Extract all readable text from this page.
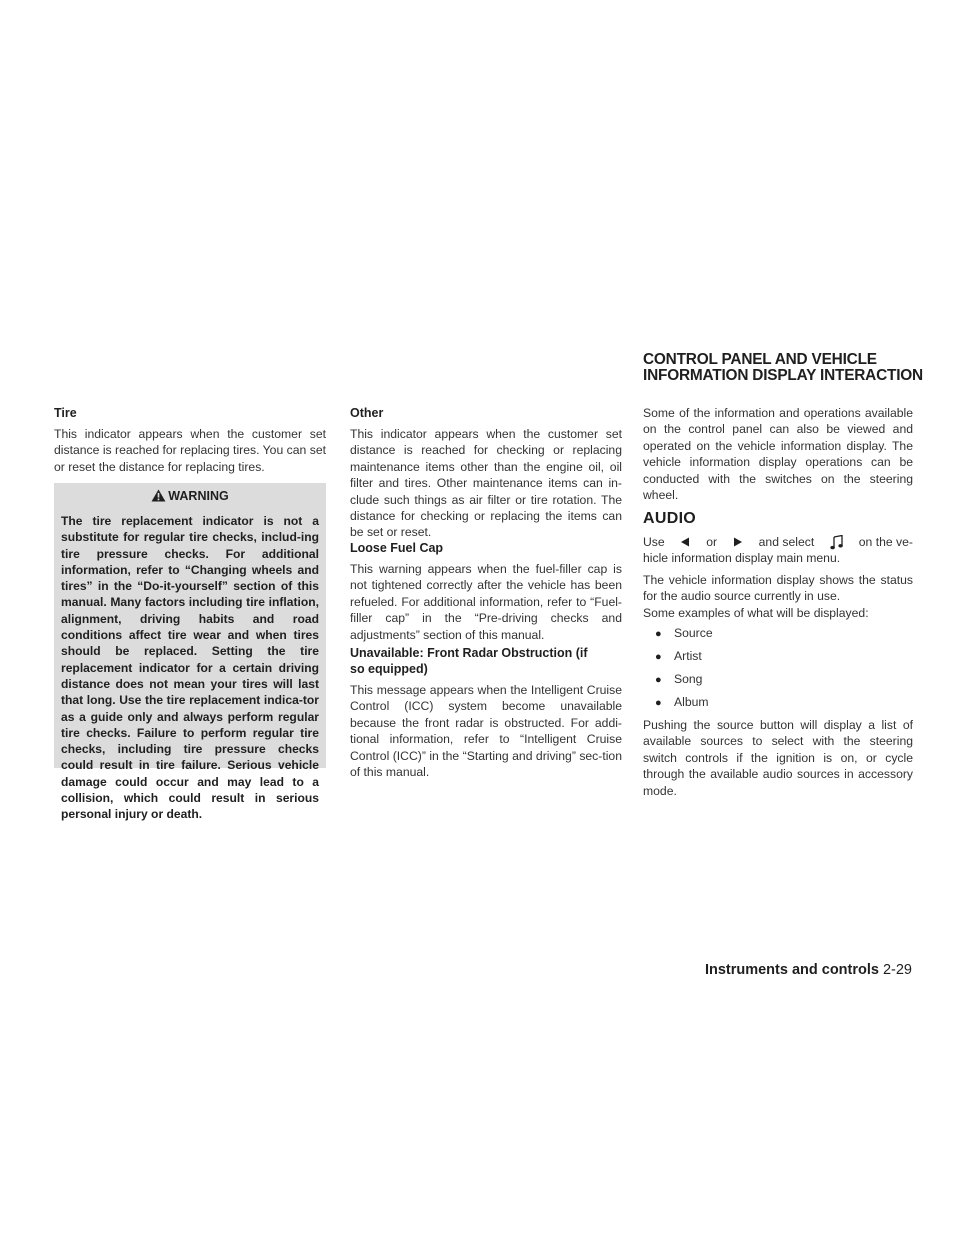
Tire

This indicator appears when the customer set distance is reached for replacing tires. You can set or reset the distance for replacing tires.

WARNING

The tire replacement indicator is not a substitute for regular tire checks, includ-ing tire pressure checks. For additional information, refer to “Changing wheels and tires” in the “Do-it-yourself” section of this manual. Many factors including tire inflation, alignment, driving habits and road conditions affect tire wear and when tires should be replaced. Setting the tire replacement indicator for a certain driving distance does not mean your tires will last that long. Use the tire replacement indica-tor as a guide only and always perform regular tire checks. Failure to perform regular tire checks, including tire pressure checks could result in tire failure. Serious vehicle damage could occur and may lead to a collision, which could result in serious personal injury or death.

Other

This indicator appears when the customer set distance is reached for checking or replacing maintenance items other than the engine oil, oil filter and tires. Other maintenance items can in-clude such things as air filter or tire rotation. The distance for checking or replacing the items can be set or reset.

Loose Fuel Cap

This warning appears when the fuel-filler cap is not tightened correctly after the vehicle has been refueled. For additional information, refer to “Fuel-filler cap” in the “Pre-driving checks and adjustments” section of this manual.

Unavailable: Front Radar Obstruction (if so equipped)

This message appears when the Intelligent Cruise Control (ICC) system become unavailable because the front radar is obstructed. For addi-tional information, refer to “Intelligent Cruise Control (ICC)” in the “Starting and driving” sec-tion of this manual.

CONTROL PANEL AND VEHICLE INFORMATION DISPLAY INTERACTION

Some of the information and operations available on the control panel can also be viewed and operated on the vehicle information display. The vehicle information display operations can be conducted with the switches on the steering wheel.

AUDIO
Use	or	and select	on the ve-
hicle information display main menu.

The vehicle information display shows the status for the audio source currently in use.

Some examples of what will be displayed:

● Source
● Artist
● Song
● Album

Pushing the source button will display a list of available sources to select with the steering switch controls if the ignition is on, or cycle through the available audio sources in accessory mode.

Instruments and controls 2-29
